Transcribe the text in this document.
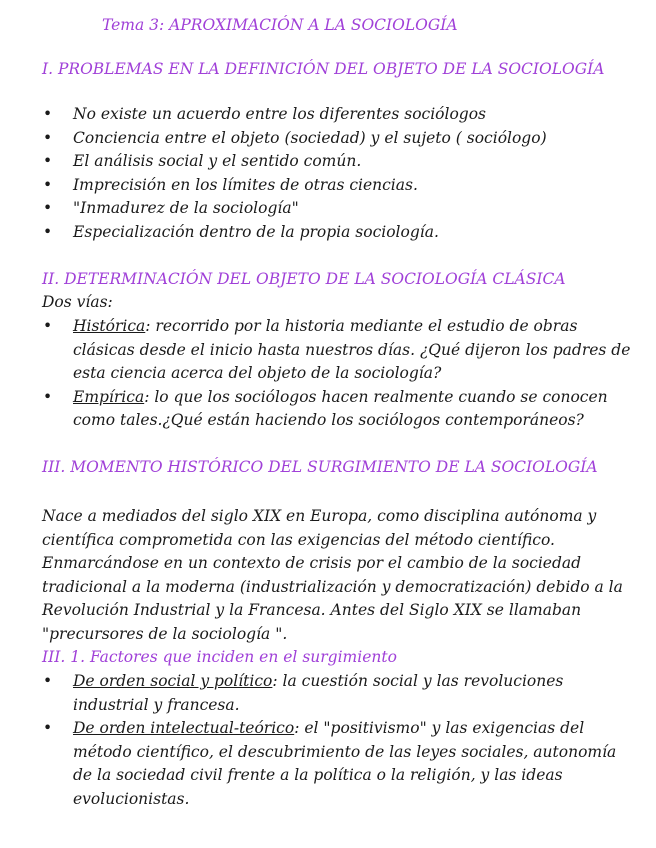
Tema 3: APROXIMACIÓN A LA SOCIOLOGÍA
I. PROBLEMAS EN LA DEFINICIÓN DEL OBJETO DE LA SOCIOLOGÍA
• No existe un acuerdo entre los diferentes sociólogos
• Conciencia entre el objeto (sociedad) y el sujeto ( sociólogo)
• El análisis social y el sentido común.
• Imprecisión en los límites de otras ciencias.
• "Inmadurez de la sociología"
• Especialización dentro de la propia sociología.
II. DETERMINACIÓN DEL OBJETO DE LA SOCIOLOGÍA CLÁSICA
Dos vías:
• Histórica: recorrido por la historia mediante el estudio de obras clásicas desde el inicio hasta nuestros días. ¿Qué dijeron los padres de esta ciencia acerca del objeto de la sociología?
• Empírica: lo que los sociólogos hacen realmente cuando se conocen como tales.¿Qué están haciendo los sociólogos contemporáneos?
III. MOMENTO HISTÓRICO DEL SURGIMIENTO DE LA SOCIOLOGÍA
Nace a mediados del siglo XIX en Europa, como disciplina autónoma y científica comprometida con las exigencias del método científico. Enmarcándose en un contexto de crisis por el cambio de la sociedad tradicional a la moderna (industrialización y democratización) debido a la Revolución Industrial y la Francesa. Antes del Siglo XIX se llamaban "precursores de la sociología ".
III. 1. Factores que inciden en el surgimiento
• De orden social y político: la cuestión social y las revoluciones industrial y francesa.
• De orden intelectual-teórico: el "positivismo" y las exigencias del método científico, el descubrimiento de las leyes sociales, autonomía de la sociedad civil frente a la política o la religión, y las ideas evolucionistas.
